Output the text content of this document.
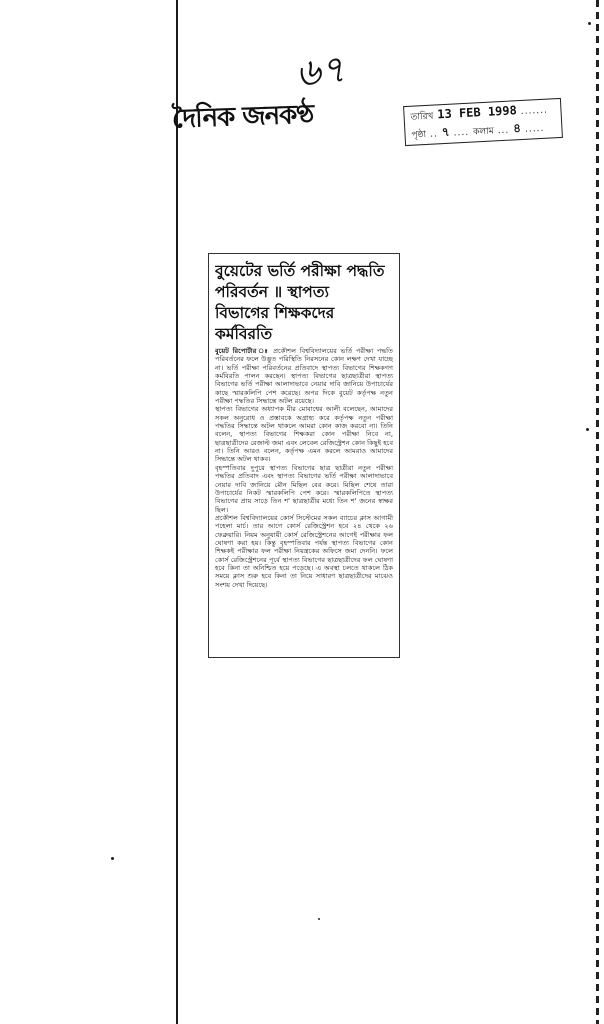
৬৭
দৈনিক জনকণ্ঠ	তারিখ 13 FEB 1998 .......
পৃষ্ঠা .. ৭ .... কলাম ... ৪ .....
বুয়েটের ভর্তি পরীক্ষা পদ্ধতি
পরিবর্তন ॥ স্থাপত্য
বিভাগের শিক্ষকদের
কর্মবিরতি

বুয়েট রিপোর্টার ঃ প্রকৌশল বিশ্ববিদ্যালয়ের ভর্তি পরীক্ষা পদ্ধতি পরিবর্তনের ফলে উদ্ভূত পরিস্থিতি নিরসনের কোন লক্ষণ দেখা যাচ্ছে না। ভর্তি পরীক্ষা পরিবর্তনের প্রতিবাদে স্থাপত্য বিভাগের শিক্ষকগণ কর্মবিরতি পালন করছেন। স্থাপত্য বিভাগের ছাত্রছাত্রীরা স্থাপত্য বিভাগের ভর্তি পরীক্ষা আলাদাভাবে নেয়ার দাবি জানিয়ে উপাচার্যের কাছে স্মারকলিপি পেশ করেছে। অপর দিকে বুয়েট কর্তৃপক্ষ নতুন পরীক্ষা পদ্ধতির সিদ্ধান্তে অটল রয়েছে।

স্থাপত্য বিভাগের অধ্যাপক মীর মোবাশ্বের আলী বলেছেন, আমাদের সকল অনুরোধ ও প্রস্তাবকে অগ্রাহ্য করে কর্তৃপক্ষ নতুন পরীক্ষা পদ্ধতির সিদ্ধান্তে অটল থাকলে আমরা কোন কাজ করবো না। তিনি বলেন, স্থাপত্য বিভাগের শিক্ষকরা কোন পরীক্ষা নিবে না, ছাত্রছাত্রীদের রেজাল্ট জমা এবং লেবেল রেজিস্ট্রেশন কোন কিছুই হবে না। তিনি আরও বলেন, কর্তৃপক্ষ এমন করলে আমরাও আমাদের সিদ্ধান্তে অটল থাকব।

বৃহস্পতিবার দুপুরে স্থাপত্য বিভাগের ছাত্র ছাত্রীরা নতুন পরীক্ষা পদ্ধতির প্রতিবাদ এবং স্থাপত্য বিভাগের ভর্তি পরীক্ষা আলাদাভাবে নেয়ার দাবি জানিয়ে মৌন মিছিল বের করে। মিছিল শেষে তারা উপাচার্যের নিকট স্মারকলিপি পেশ করে। স্মারকলিপিতে স্থাপত্য বিভাগের প্রায় সাড়ে তিন শ' ছাত্রছাত্রীর মধ্যে তিন শ' জনের স্বাক্ষর ছিল।

প্রকৌশল বিশ্ববিদ্যালয়ের কোর্স সিস্টেমের সকল ব্যাচের ক্লাস আগামী পহেলা মার্চ। তার আগে কোর্স রেজিস্ট্রেশন হবে ২৪ থেকে ২৬ ফেব্রুয়ারি। নিয়ম অনুযায়ী কোর্স রেজিস্ট্রেশনের আগেই পরীক্ষার ফল ঘোষণা করা হয়। কিন্তু বৃহস্পতিবার পর্যন্ত স্থাপত্য বিভাগের কোন শিক্ষকই পরীক্ষার ফল পরীক্ষা নিয়ন্ত্রকের অফিসে জমা দেননি। ফলে কোর্স রেজিস্ট্রেশনের পূর্বে স্থাপত্য বিভাগের ছাত্রছাত্রীদের ফল ঘোষণা হবে কিনা তা অনিশ্চিত হয়ে পড়েছে। এ অবস্থা চলতে থাকলে ঠিক সময়ে ক্লাস শুরু হবে কিনা তা নিয়ে সাধারণ ছাত্রছাত্রীদের মাঝেও সংশয় দেখা দিয়েছে।
